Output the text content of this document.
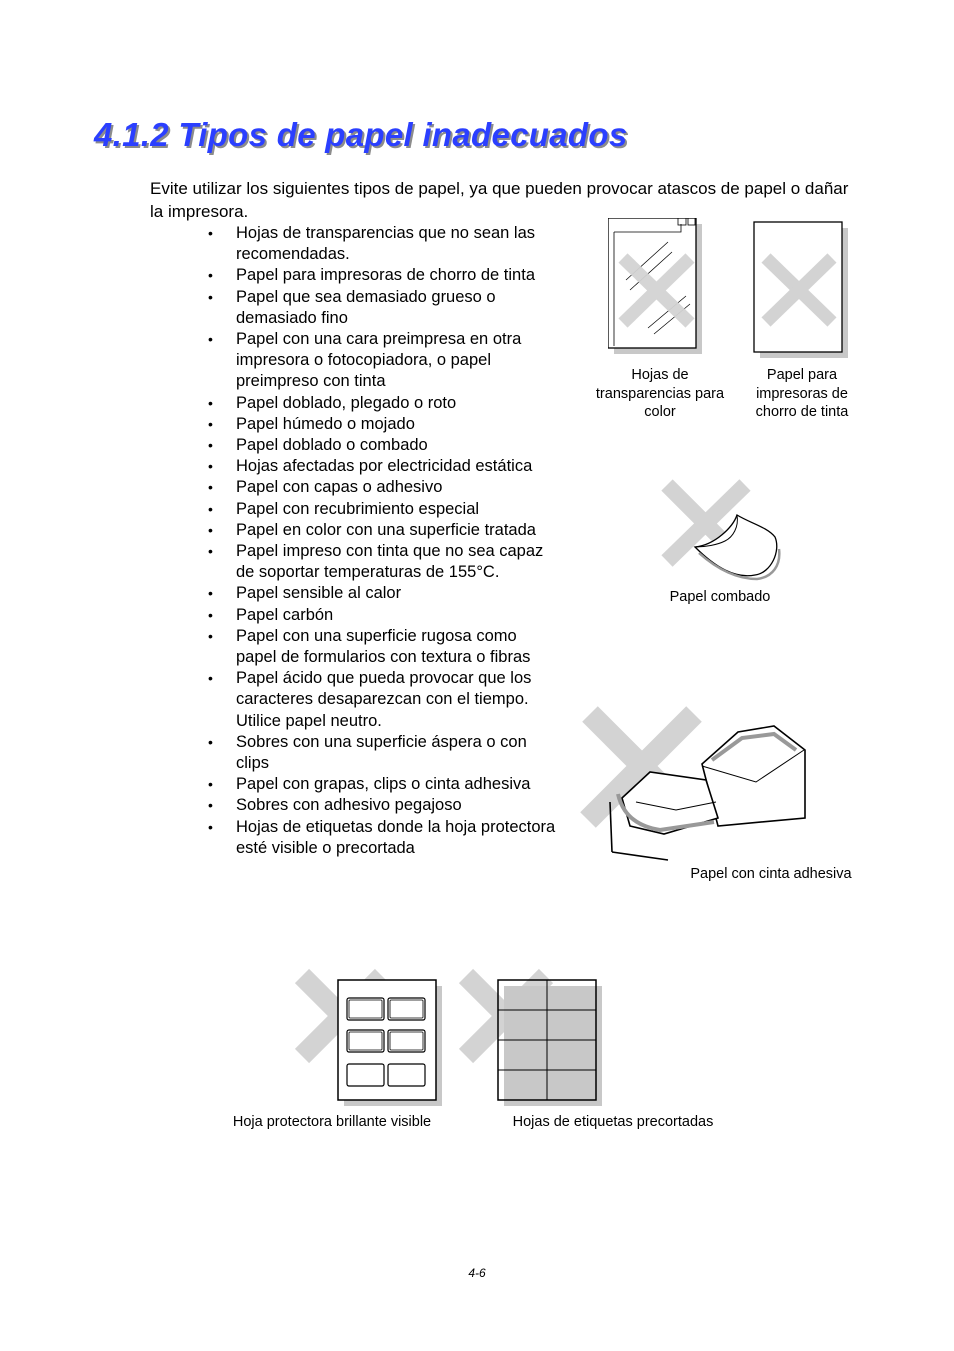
4.1.2 Tipos de papel inadecuados

Evite utilizar los siguientes tipos de papel, ya que pueden provocar atascos de papel o dañar la impresora.

• Hojas de transparencias que no sean las recomendadas.
• Papel para impresoras de chorro de tinta
• Papel que sea demasiado grueso o demasiado fino
• Papel con una cara preimpresa en otra impresora o fotocopiadora, o papel preimpreso con tinta
• Papel doblado, plegado o roto
• Papel húmedo o mojado
• Papel doblado o combado
• Hojas afectadas por electricidad estática
• Papel con capas o adhesivo
• Papel con recubrimiento especial
• Papel en color con una superficie tratada
• Papel impreso con tinta que no sea capaz de soportar temperaturas de 155°C.
• Papel sensible al calor
• Papel carbón
• Papel con una superficie rugosa como papel de formularios con textura o fibras
• Papel ácido que pueda provocar que los caracteres desaparezcan con el tiempo. Utilice papel neutro.
• Sobres con una superficie áspera o con clips
• Papel con grapas, clips o cinta adhesiva
• Sobres con adhesivo pegajoso
• Hojas de etiquetas donde la hoja protectora esté visible o precortada
Hojas de transparencias para color
Papel para impresoras de chorro de tinta
Papel combado
Papel con cinta adhesiva
Hoja protectora brillante visible	Hojas de etiquetas precortadas
4-6
